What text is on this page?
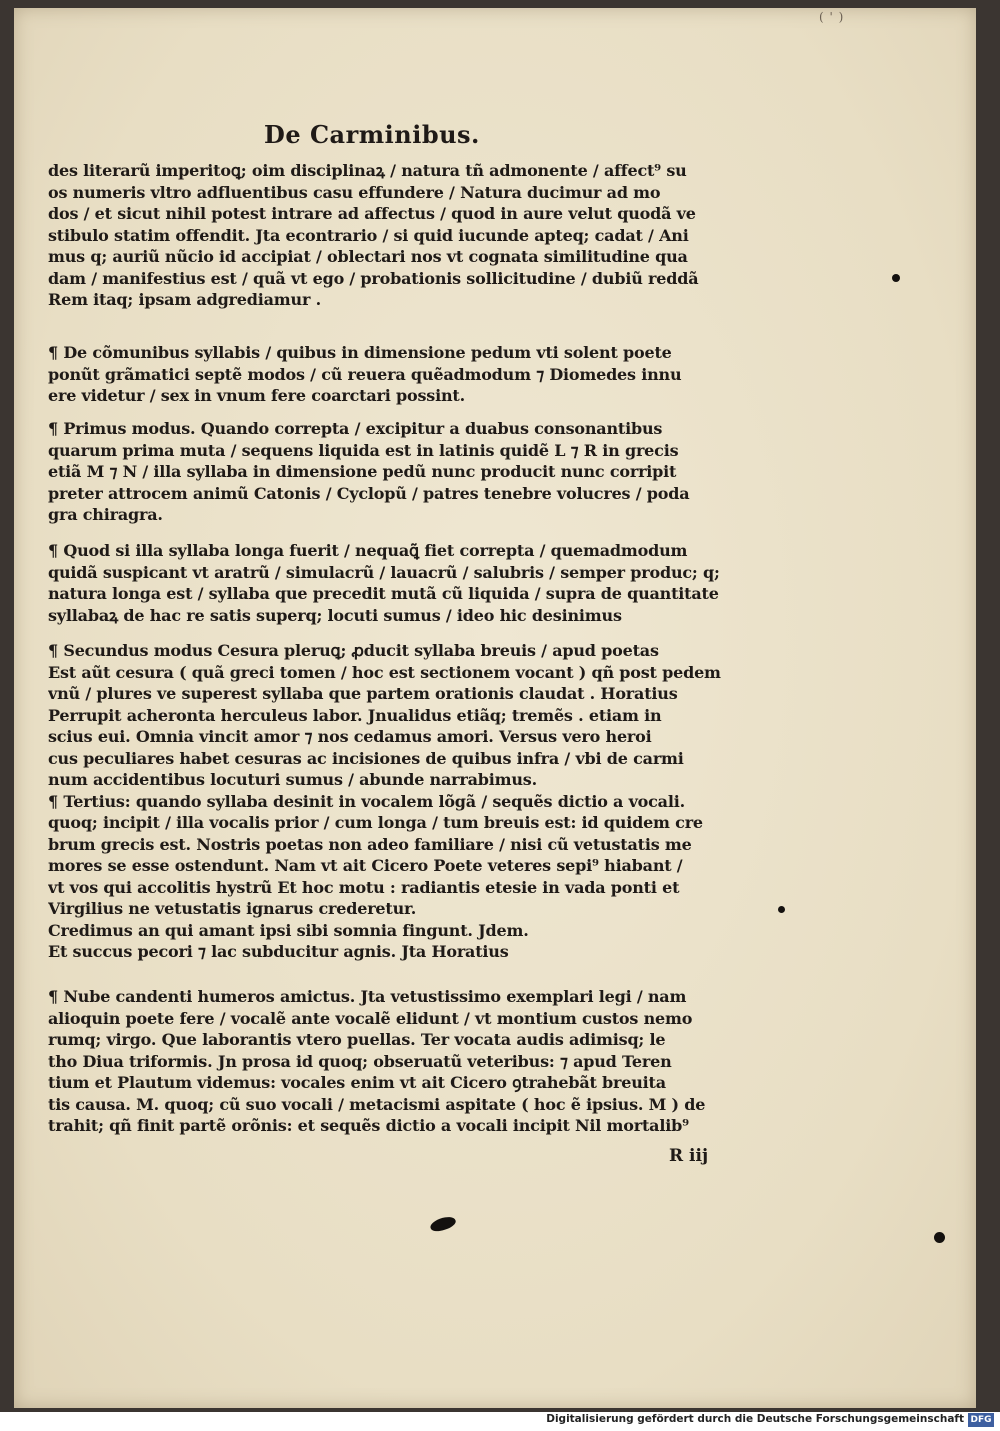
( ' )
De Carminibus.
des literarũ imperitoꝗ; oim disciplinaꝝ / natura tñ admonente / affect⁹ su
os numeris vltro adfluentibus casu effundere / Natura ducimur ad mo
dos / et sicut nihil potest intrare ad affectus / quod in aure velut quodã ve
stibulo statim offendit. Jta econtrario / si quid iucunde apteq; cadat / Ani
mus q; auriũ nũcio id accipiat / oblectari nos vt cognata similitudine qua
dam / manifestius est / quã vt ego / probationis sollicitudine / dubiũ reddã
Rem itaq; ipsam adgrediamur .
¶ De cõmunibus syllabis / quibus in dimensione pedum vti solent poete
ponũt grãmatici septẽ modos / cũ reuera quẽadmodum ⁊ Diomedes innu
ere videtur / sex in vnum fere coarctari possint.
¶ Primus modus. Quando correpta / excipitur a duabus consonantibus
quarum prima muta / sequens liquida est in latinis quidẽ L ⁊ R in grecis
etiã M ⁊ N / illa syllaba in dimensione pedũ nunc producit nunc corripit
preter attrocem animũ Catonis / Cyclopũ / patres tenebre volucres / poda
gra chiragra.
¶ Quod si illa syllaba longa fuerit / nequaꝗ̃ fiet correpta / quemadmodum
quidã suspicant vt aratrũ / simulacrũ / lauacrũ / salubris / semper produc; q;
natura longa est / syllaba que precedit mutã cũ liquida / supra de quantitate
syllabaꝝ de hac re satis superq; locuti sumus / ideo hic desinimus
¶ Secundus modus Cesura pleruꝗ; ꝓducit syllaba breuis / apud poetas
Est aũt cesura ( quã greci tomen / hoc est sectionem vocant ) qñ post pedem
vnũ / plures ve superest syllaba que partem orationis claudat . Horatius
Perrupit acheronta herculeus labor. Jnualidus etiãq; tremẽs . etiam in
scius eui. Omnia vincit amor ⁊ nos cedamus amori. Versus vero heroi
cus peculiares habet cesuras ac incisiones de quibus infra / vbi de carmi
num accidentibus locuturi sumus / abunde narrabimus.
¶ Tertius: quando syllaba desinit in vocalem lõgã / sequẽs dictio a vocali.
quoq; incipit / illa vocalis prior / cum longa / tum breuis est: id quidem cre
brum grecis est. Nostris poetas non adeo familiare / nisi cũ vetustatis me
mores se esse ostendunt. Nam vt ait Cicero Poete veteres sepi⁹ hiabant /
vt vos qui accolitis hystrũ Et hoc motu : radiantis etesie in vada ponti et
Virgilius ne vetustatis ignarus crederetur.
Credimus an qui amant ipsi sibi somnia fingunt. Jdem.
Et succus pecori ⁊ lac subducitur agnis. Jta Horatius
¶ Nube candenti humeros amictus. Jta vetustissimo exemplari legi / nam
alioquin poete fere / vocalẽ ante vocalẽ elidunt / vt montium custos nemo
rumq; virgo. Que laborantis vtero puellas. Ter vocata audis adimisq; le
tho Diua triformis. Jn prosa id quoq; obseruatũ veteribus: ⁊ apud Teren
tium et Plautum videmus: vocales enim vt ait Cicero ꝯtrahebãt breuita
tis causa. M. quoq; cũ suo vocali / metacismi aspitate ( hoc ẽ ipsius. M ) de
trahit; qñ finit partẽ orõnis: et sequẽs dictio a vocali incipit Nil mortalib⁹
R iij
Digitalisierung gefördert durch die Deutsche Forschungsgemeinschaft DFG
